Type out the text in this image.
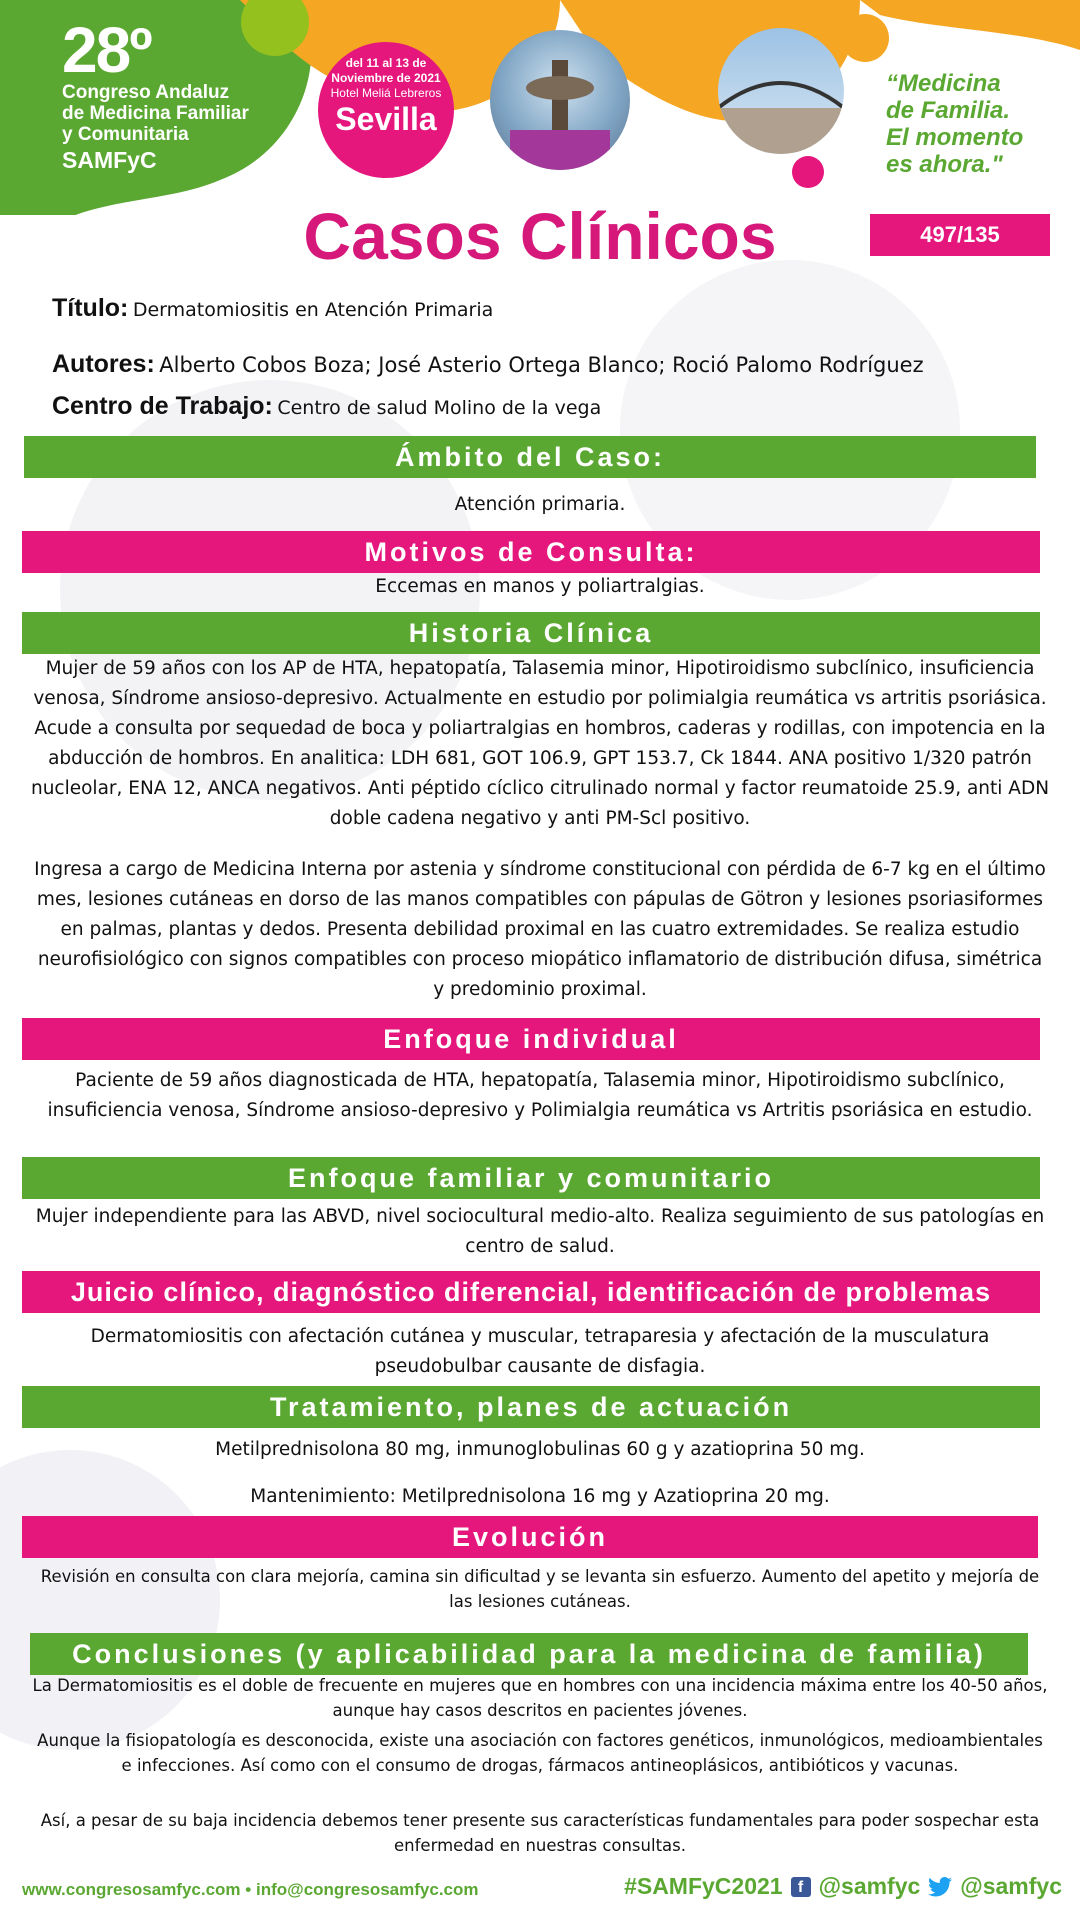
28º
Congreso Andaluz
de Medicina Familiar
y Comunitaria
SAMFyC
del 11 al 13 de Noviembre de 2021
Hotel Meliá Lebreros
Sevilla
“Medicina
de Familia.
El momento
es ahora."
Casos Clínicos	497/135
Título: Dermatomiositis en Atención Primaria
Autores: Alberto Cobos Boza; José Asterio Ortega Blanco; Roció Palomo Rodríguez
Centro de Trabajo: Centro de salud Molino de la vega
Ámbito del Caso:
Atención primaria.
Motivos de Consulta:
Eccemas en manos y poliartralgias.
Historia Clínica
Mujer de 59 años con los AP de HTA, hepatopatía, Talasemia minor, Hipotiroidismo subclínico, insuficiencia venosa, Síndrome ansioso-depresivo. Actualmente en estudio por polimialgia reumática vs artritis psoriásica. Acude a consulta por sequedad de boca y poliartralgias en hombros, caderas y rodillas, con impotencia en la abducción de hombros. En analitica: LDH 681, GOT 106.9, GPT 153.7, Ck 1844. ANA positivo 1/320 patrón nucleolar, ENA 12, ANCA negativos. Anti péptido cíclico citrulinado normal y factor reumatoide 25.9, anti ADN doble cadena negativo y anti PM-Scl positivo.
Ingresa a cargo de Medicina Interna por astenia y síndrome constitucional con pérdida de 6-7 kg en el último mes, lesiones cutáneas en dorso de las manos compatibles con pápulas de Götron y lesiones psoriasiformes en palmas, plantas y dedos. Presenta debilidad proximal en las cuatro extremidades. Se realiza estudio neurofisiológico con signos compatibles con proceso miopático inflamatorio de distribución difusa, simétrica y predominio proximal.
Enfoque individual
Paciente de 59 años diagnosticada de HTA, hepatopatía, Talasemia minor, Hipotiroidismo subclínico, insuficiencia venosa, Síndrome ansioso-depresivo y Polimialgia reumática vs Artritis psoriásica en estudio.
Enfoque familiar y comunitario
Mujer independiente para las ABVD, nivel sociocultural medio-alto. Realiza seguimiento de sus patologías en centro de salud.
Juicio clínico, diagnóstico diferencial, identificación de problemas
Dermatomiositis con afectación cutánea y muscular, tetraparesia y afectación de la musculatura pseudobulbar causante de disfagia.
Tratamiento, planes de actuación
Metilprednisolona 80 mg, inmunoglobulinas 60 g y azatioprina 50 mg.
Mantenimiento: Metilprednisolona 16 mg y Azatioprina 20 mg.
Evolución
Revisión en consulta con clara mejoría, camina sin dificultad y se levanta sin esfuerzo. Aumento del apetito y mejoría de las lesiones cutáneas.
Conclusiones (y aplicabilidad para la medicina de familia)
La Dermatomiositis es el doble de frecuente en mujeres que en hombres con una incidencia máxima entre los 40-50 años, aunque hay casos descritos en pacientes jóvenes.
Aunque la fisiopatología es desconocida, existe una asociación con factores genéticos, inmunológicos, medioambientales e infecciones. Así como con el consumo de drogas, fármacos antineoplásicos, antibióticos y vacunas.
Así, a pesar de su baja incidencia debemos tener presente sus características fundamentales para poder sospechar esta enfermedad en nuestras consultas.
www.congresosamfyc.com • info@congresosamfyc.com	#SAMFyC2021 f @samfyc @samfyc
